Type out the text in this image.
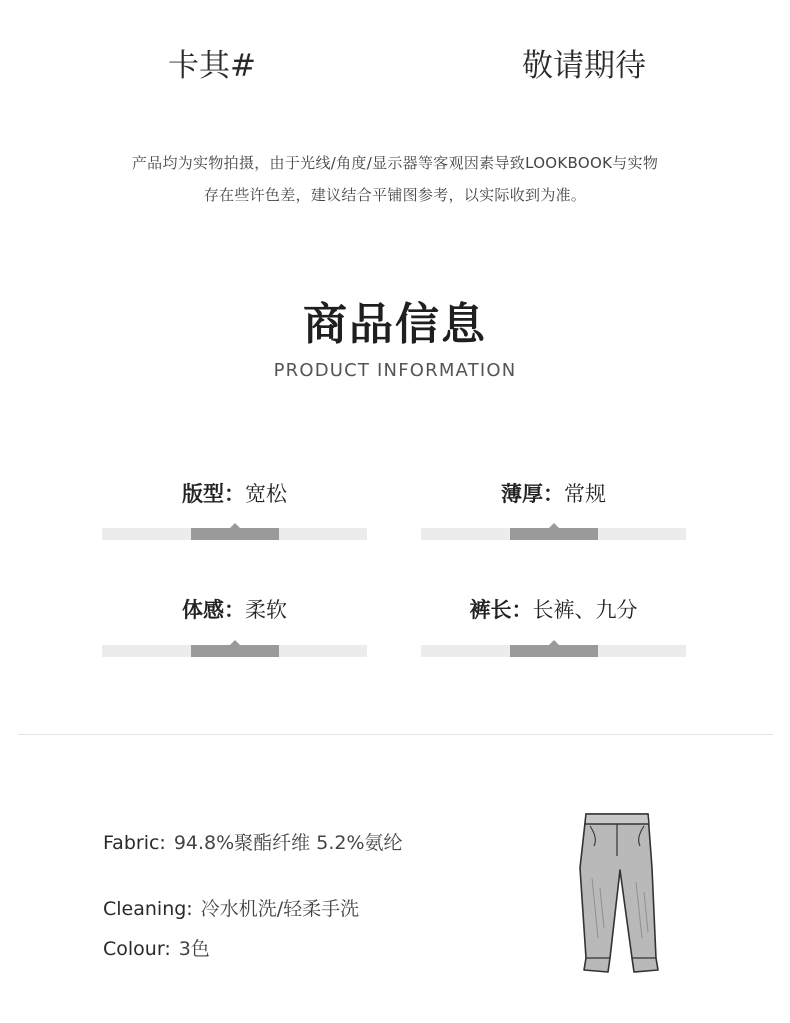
卡其#	敬请期待
产品均为实物拍摄，由于光线/角度/显示器等客观因素导致LOOKBOOK与实物
存在些许色差，建议结合平铺图参考，以实际收到为准。
商品信息
PRODUCT INFORMATION
版型：宽松	薄厚：常规
体感：柔软	裤长：长裤、九分
Fabric: 94.8%聚酯纤维 5.2%氨纶
Cleaning: 冷水机洗/轻柔手洗
Colour: 3色
